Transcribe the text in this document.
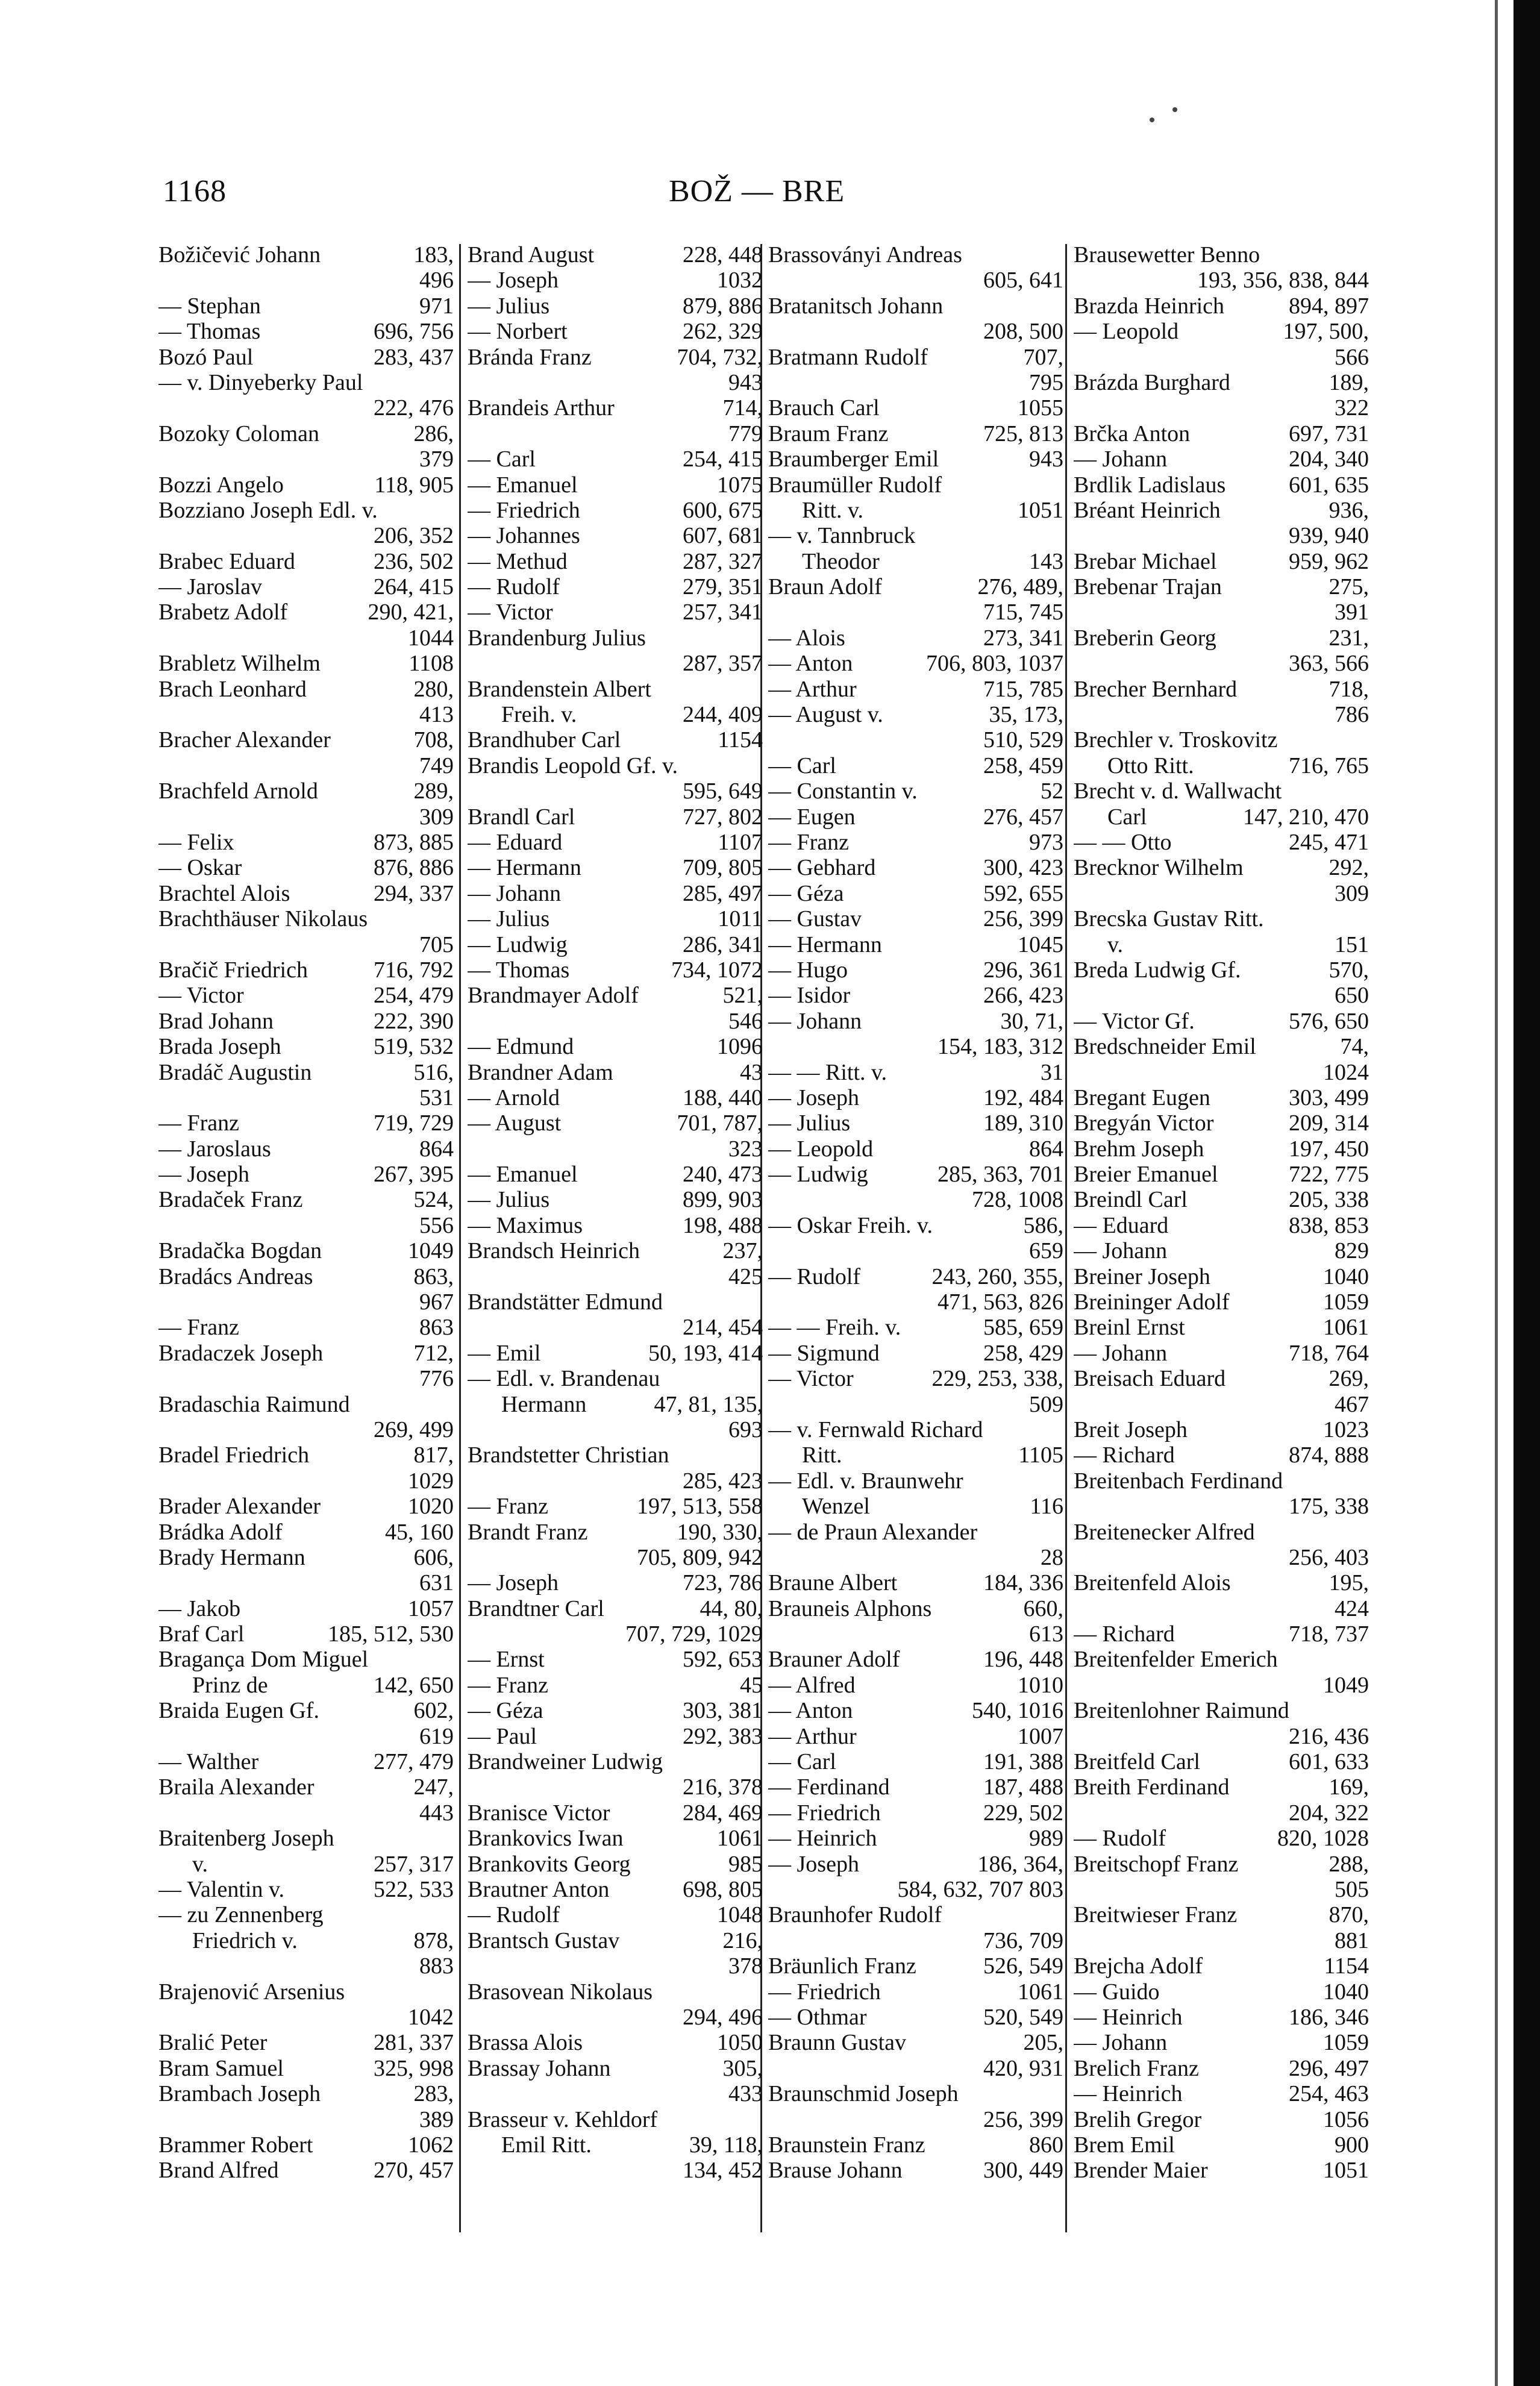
1168	BOŽ — BRE
Božičević Johann	183,
496
— Stephan	971
— Thomas	696, 756
Bozó Paul	283, 437
— v. Dinyeberky Paul
222, 476
Bozoky Coloman	286,
379
Bozzi Angelo	118, 905
Bozziano Joseph Edl. v.
206, 352
Brabec Eduard	236, 502
— Jaroslav	264, 415
Brabetz Adolf	290, 421,
1044
Brabletz Wilhelm	1108
Brach Leonhard	280,
413
Bracher Alexander	708,
749
Brachfeld Arnold	289,
309
— Felix	873, 885
— Oskar	876, 886
Brachtel Alois	294, 337
Brachthäuser Nikolaus
705
Bračič Friedrich	716, 792
— Victor	254, 479
Brad Johann	222, 390
Brada Joseph	519, 532
Bradáč Augustin	516,
531
— Franz	719, 729
— Jaroslaus	864
— Joseph	267, 395
Bradaček Franz	524,
556
Bradačka Bogdan	1049
Bradács Andreas	863,
967
— Franz	863
Bradaczek Joseph	712,
776
Bradaschia Raimund
269, 499
Bradel Friedrich	817,
1029
Brader Alexander	1020
Brádka Adolf	45, 160
Brady Hermann	606,
631
— Jakob	1057
Braf Carl	185, 512, 530
Bragança Dom Miguel
Prinz de	142, 650
Braida Eugen Gf.	602,
619
— Walther	277, 479
Braila Alexander	247,
443
Braitenberg Joseph
v.	257, 317
— Valentin v.	522, 533
— zu Zennenberg
Friedrich v.	878,
883
Brajenović Arsenius
1042
Bralić Peter	281, 337
Bram Samuel	325, 998
Brambach Joseph	283,
389
Brammer Robert	1062
Brand Alfred	270, 457
Brand August	228, 448
— Joseph	1032
— Julius	879, 886
— Norbert	262, 329
Bránda Franz	704, 732,
943
Brandeis Arthur	714,
779
— Carl	254, 415
— Emanuel	1075
— Friedrich	600, 675
— Johannes	607, 681
— Methud	287, 327
— Rudolf	279, 351
— Victor	257, 341
Brandenburg Julius
287, 357
Brandenstein Albert
Freih. v.	244, 409
Brandhuber Carl	1154
Brandis Leopold Gf. v.
595, 649
Brandl Carl	727, 802
— Eduard	1107
— Hermann	709, 805
— Johann	285, 497
— Julius	1011
— Ludwig	286, 341
— Thomas	734, 1072
Brandmayer Adolf	521,
546
— Edmund	1096
Brandner Adam	43
— Arnold	188, 440
— August	701, 787,
323
— Emanuel	240, 473
— Julius	899, 903
— Maximus	198, 488
Brandsch Heinrich	237,
425
Brandstätter Edmund
214, 454
— Emil	50, 193, 414
— Edl. v. Brandenau
Hermann	47, 81, 135,
693
Brandstetter Christian
285, 423
— Franz	197, 513, 558
Brandt Franz	190, 330,
705, 809, 942
— Joseph	723, 786
Brandtner Carl	44, 80,
707, 729, 1029
— Ernst	592, 653
— Franz	45
— Géza	303, 381
— Paul	292, 383
Brandweiner Ludwig
216, 378
Branisce Victor	284, 469
Brankovics Iwan	1061
Brankovits Georg	985
Brautner Anton	698, 805
— Rudolf	1048
Brantsch Gustav	216,
378
Brasovean Nikolaus
294, 496
Brassa Alois	1050
Brassay Johann	305,
433
Brasseur v. Kehldorf
Emil Ritt.	39, 118,
134, 452
Brassoványi Andreas
605, 641
Bratanitsch Johann
208, 500
Bratmann Rudolf	707,
795
Brauch Carl	1055
Braum Franz	725, 813
Braumberger Emil	943
Braumüller Rudolf
Ritt. v.	1051
— v. Tannbruck
Theodor	143
Braun Adolf	276, 489,
715, 745
— Alois	273, 341
— Anton	706, 803, 1037
— Arthur	715, 785
— August v.	35, 173,
510, 529
— Carl	258, 459
— Constantin v.	52
— Eugen	276, 457
— Franz	973
— Gebhard	300, 423
— Géza	592, 655
— Gustav	256, 399
— Hermann	1045
— Hugo	296, 361
— Isidor	266, 423
— Johann	30, 71,
154, 183, 312
— — Ritt. v.	31
— Joseph	192, 484
— Julius	189, 310
— Leopold	864
— Ludwig	285, 363, 701
728, 1008
— Oskar Freih. v.	586,
659
— Rudolf	243, 260, 355,
471, 563, 826
— — Freih. v.	585, 659
— Sigmund	258, 429
— Victor	229, 253, 338,
509
— v. Fernwald Richard
Ritt.	1105
— Edl. v. Braunwehr
Wenzel	116
— de Praun Alexander
28
Braune Albert	184, 336
Brauneis Alphons	660,
613
Brauner Adolf	196, 448
— Alfred	1010
— Anton	540, 1016
— Arthur	1007
— Carl	191, 388
— Ferdinand	187, 488
— Friedrich	229, 502
— Heinrich	989
— Joseph	186, 364,
584, 632, 707 803
Braunhofer Rudolf
736, 709
Bräunlich Franz	526, 549
— Friedrich	1061
— Othmar	520, 549
Braunn Gustav	205,
420, 931
Braunschmid Joseph
256, 399
Braunstein Franz	860
Brause Johann	300, 449
Brausewetter Benno
193, 356, 838, 844
Brazda Heinrich	894, 897
— Leopold	197, 500,
566
Brázda Burghard	189,
322
Brčka Anton	697, 731
— Johann	204, 340
Brdlik Ladislaus	601, 635
Bréant Heinrich	936,
939, 940
Brebar Michael	959, 962
Brebenar Trajan	275,
391
Breberin Georg	231,
363, 566
Brecher Bernhard	718,
786
Brechler v. Troskovitz
Otto Ritt.	716, 765
Brecht v. d. Wallwacht
Carl	147, 210, 470
— — Otto	245, 471
Brecknor Wilhelm	292,
309
Brecska Gustav Ritt.
v.	151
Breda Ludwig Gf.	570,
650
— Victor Gf.	576, 650
Bredschneider Emil	74,
1024
Bregant Eugen	303, 499
Bregyán Victor	209, 314
Brehm Joseph	197, 450
Breier Emanuel	722, 775
Breindl Carl	205, 338
— Eduard	838, 853
— Johann	829
Breiner Joseph	1040
Breininger Adolf	1059
Breinl Ernst	1061
— Johann	718, 764
Breisach Eduard	269,
467
Breit Joseph	1023
— Richard	874, 888
Breitenbach Ferdinand
175, 338
Breitenecker Alfred
256, 403
Breitenfeld Alois	195,
424
— Richard	718, 737
Breitenfelder Emerich
1049
Breitenlohner Raimund
216, 436
Breitfeld Carl	601, 633
Breith Ferdinand	169,
204, 322
— Rudolf	820, 1028
Breitschopf Franz	288,
505
Breitwieser Franz	870,
881
Brejcha Adolf	1154
— Guido	1040
— Heinrich	186, 346
— Johann	1059
Brelich Franz	296, 497
— Heinrich	254, 463
Brelih Gregor	1056
Brem Emil	900
Brender Maier	1051
